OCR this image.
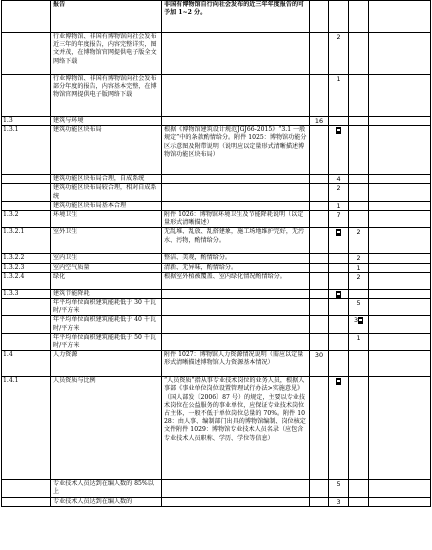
	报告	非国有博物馆自行向社会发布的近三年年度报告的可予加 1~2 分。				
	行业博物馆、非国有博物馆向社会发布近三年的年度报告，内容完整详实，图文并茂，在博物馆官网提供电子版全文网络下载			2		
	行业博物馆、非国有博物馆向社会发布部分年度的报告，内容基本完整，在博物馆官网提供电子版网络下载			1		
1.3	建筑与环境		16			
1.3.1	建筑功能区块布局	根据《博物馆建筑设计规范JGJ66-2015》“3.1 一般规定”中的条款酌情给分。附件 1025：博物馆功能分区示意图及附带说明（说明应以定量形式清晰描述博物馆功能区块布局）				
	建筑功能区块布局合理，自成系统			4		
	建筑功能区块布局较合理，相对自成系统			2		
	建筑功能区块布局基本合理			1		
1.3.2	环境卫生	附件 1026：博物馆环境卫生及节能降耗说明（以定量形式清晰描述）		7		
1.3.2.1	室外卫生	无乱堆、乱放、乱搭建象，施工场地维护完好，无污水、污物，酌情给分。			2	
1.3.2.2	室内卫生	整洁、美观，酌情给分。			2	
1.3.2.3	室内空气质量	清新、无异味，酌情给分。			1	
1.3.2.4	绿化	根据室外植被覆盖、室内绿化情况酌情给分。			2	
1.3.3	建筑节能降耗					
	年平均单位面积建筑能耗低于 30 千瓦时/平方米				5	
	年平均单位面积建筑能耗低于 40 千瓦时/平方米				3	
	年平均单位面积建筑能耗低于 50 千瓦时/平方米				1	
1.4	人力资源	附件 1027：博物馆人力资源情况说明（需应以定量形式清晰描述博物馆人力资源基本情况）	30			
1.4.1	人员资质与比例	“人员资质”指从事专业技术岗位的业务人员，根据人事部《事业单位岗位设置管理试行办法>实施意见》（国人部发〔2006〕87 号）的规定，主要以专业技术岗位在公益服务的事业单位，应保证专业技术岗位占主体，一般不低于单位岗位总量的 70%。附件 1028：由人事、编制部门出具的博物馆编制、岗位核定文件附件 1029：博物馆专业技术人员名录（应包含专业技术人员职称、学历、学位等信息）				
	专业技术人员达到在编人数的 85%以上			5		
	专业技术人员达到在编人数的			3		
